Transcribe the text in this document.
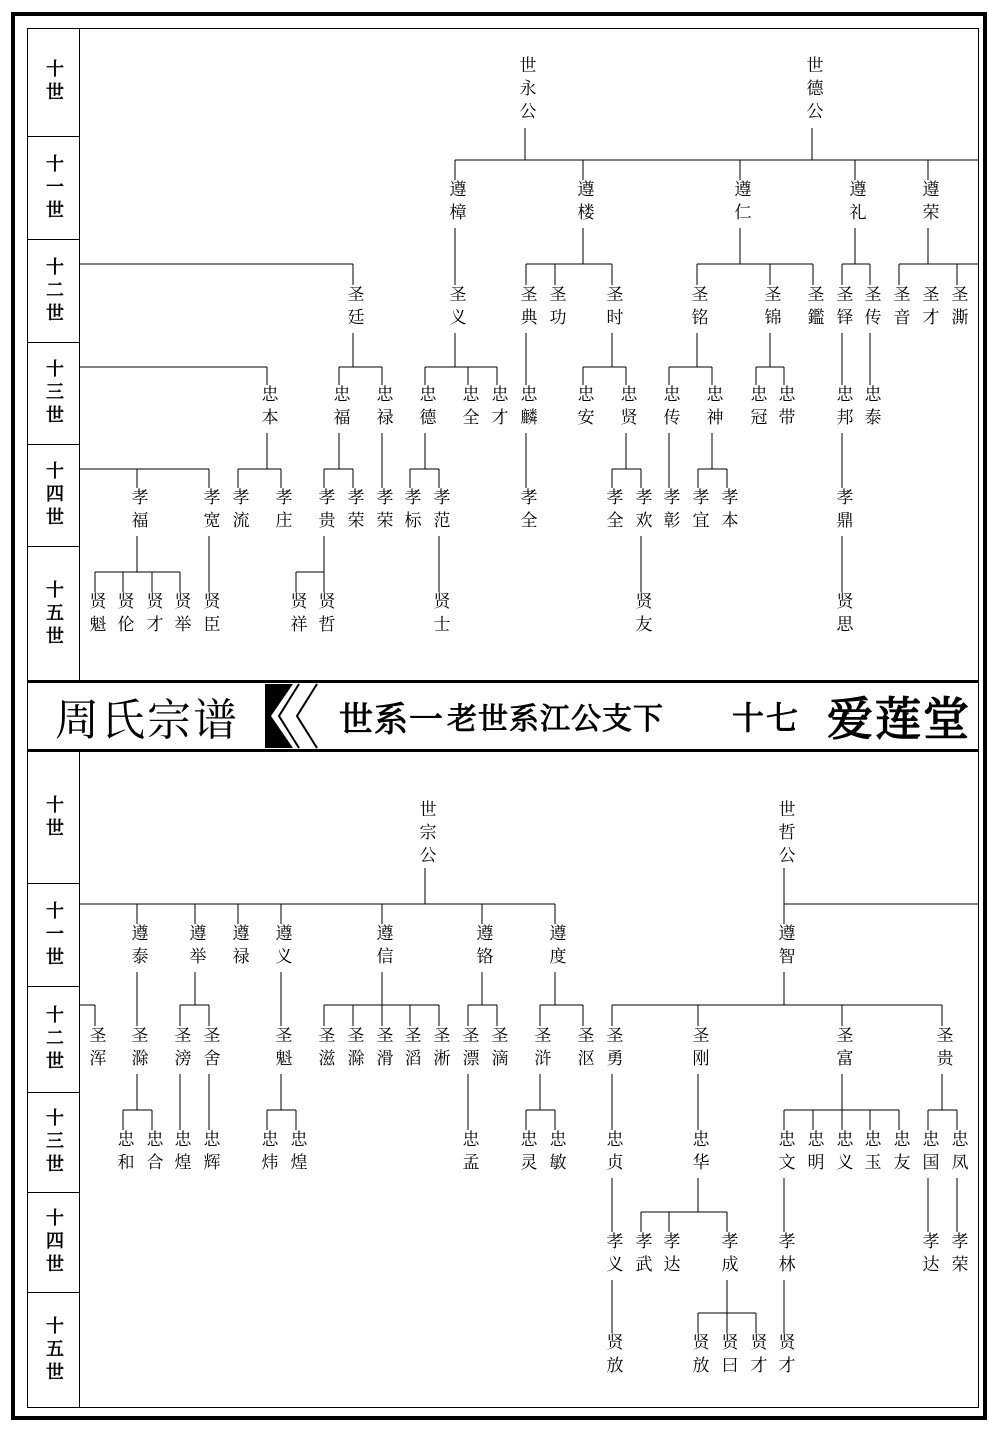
十世
十一世
十二世
十三世
十四世
十五世
十世
十一世
十二世
十三世
十四世
十五世
周氏宗谱	世系一 老世系江公支下 十七 爱莲堂
世永公	世德公
遵樟	遵楼	遵仁	遵礼	遵荣
圣廷	圣义	圣典 圣功 圣时	圣铭	圣锦 圣鑑 圣铎 圣传 圣音 圣才 圣澌
忠本	忠福 忠禄 忠德 忠全 忠才 忠麟 忠安 忠贤 忠传 忠神 忠冠 忠带 忠邦 忠泰
孝福	孝宽 孝流 孝庄 孝贵 孝荣 孝荣 孝标 孝范	孝全	孝全 孝欢 孝彰 孝宜 孝本	孝鼎
贤魁 贤伦 贤才 贤举 贤臣	贤祥 贤哲	贤士	贤友	贤思
世宗公	世哲公
遵泰 遵举 遵禄 遵义	遵信	遵铬	遵度	遵智
圣浑 圣滁 圣滂 圣舍	圣魁 圣滋 圣滁 圣滑 圣滔 圣淅 圣漂 圣滴 圣浒 圣沤 圣勇	圣刚	圣富	圣贵
忠和 忠合 忠煌 忠辉 忠炜 忠煌	忠孟 忠灵 忠敏 忠贞	忠华	忠文 忠明 忠义 忠玉 忠友 忠国 忠凤
孝义 孝武 孝达 孝成 孝林	孝达 孝荣
贤放	贤放 贤曰 贤才 贤才
